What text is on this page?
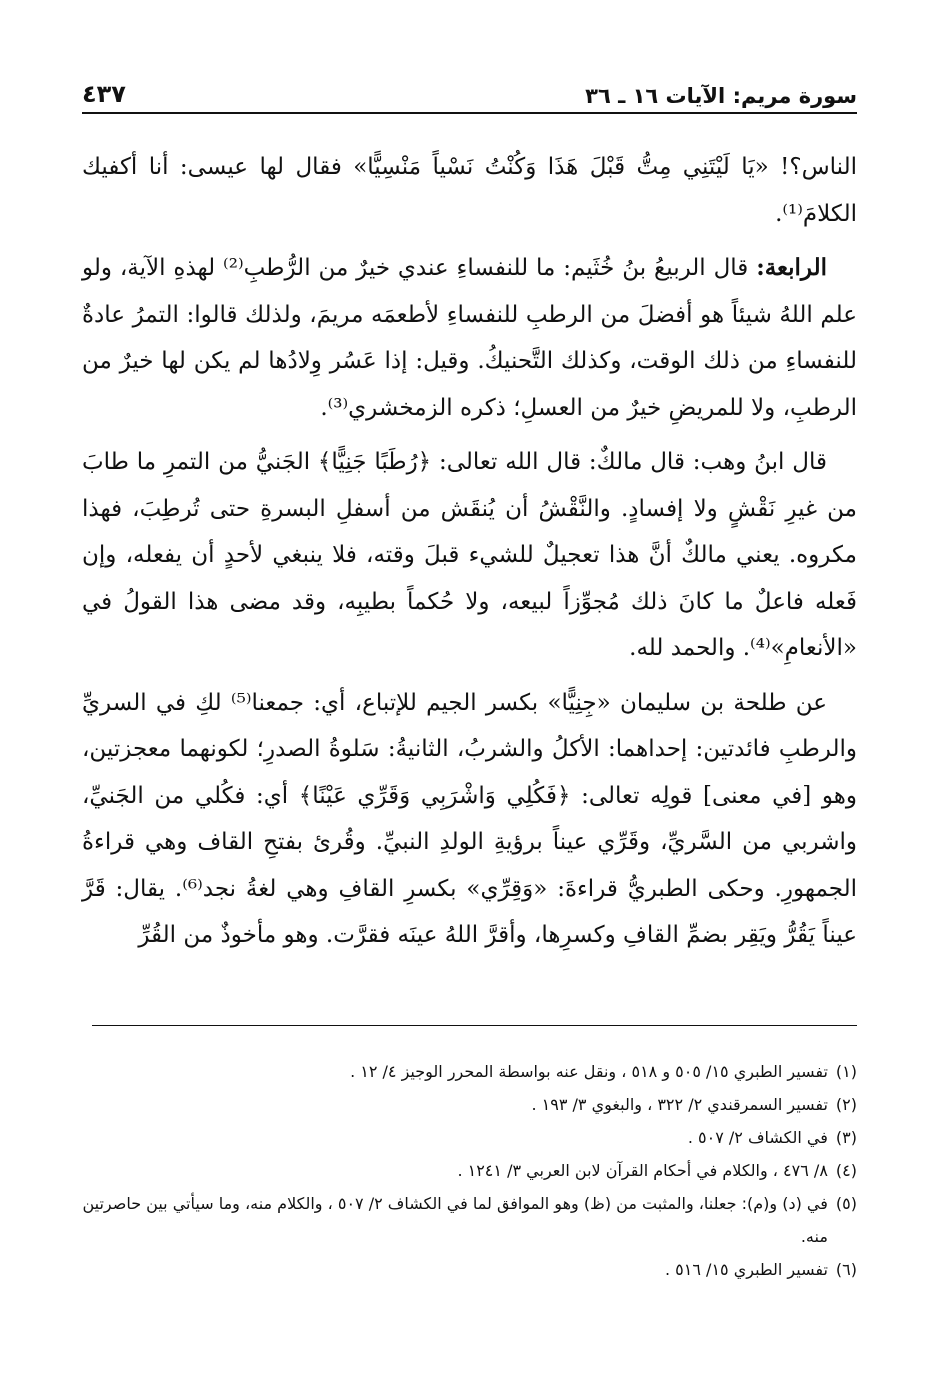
سورة مريم: الآيات ١٦ ـ ٣٦
٤٣٧

الناس؟! «يَا لَيْتَنِي مِتُّ قَبْلَ هَذَا وَكُنْتُ نَسْياً مَنْسِيًّا» فقال لها عيسى: أنا أكفيك الكلامَ⁽¹⁾.

الرابعة: قال الربيعُ بنُ خُثَيم: ما للنفساءِ عندي خيرٌ من الرُّطبِ⁽²⁾ لهذهِ الآية، ولو علم اللهُ شيئاً هو أفضلَ من الرطبِ للنفساءِ لأطعمَه مريمَ، ولذلك قالوا: التمرُ عادةٌ للنفساءِ من ذلك الوقت، وكذلك التَّحنيكُ. وقيل: إذا عَسُر وِلادُها لم يكن لها خيرٌ من الرطبِ، ولا للمريضِ خيرٌ من العسلِ؛ ذكره الزمخشري⁽³⁾.

قال ابنُ وهب: قال مالكٌ: قال الله تعالى: ﴿رُطَبًا جَنِيًّا﴾ الجَنيُّ من التمرِ ما طابَ من غيرِ نَقْشٍ ولا إفسادٍ. والنَّقْشُ أن يُنقَش من أسفلِ البسرةِ حتى تُرطِبَ، فهذا مكروه. يعني مالكٌ أنَّ هذا تعجيلٌ للشيء قبلَ وقته، فلا ينبغي لأحدٍ أن يفعله، وإن فَعله فاعلٌ ما كانَ ذلك مُجوِّزاً لبيعه، ولا حُكماً بطيبِه، وقد مضى هذا القولُ في «الأنعامِ»⁽⁴⁾. والحمد لله.

عن طلحة بن سليمان «جِنِيًّا» بكسر الجيم للإتباع، أي: جمعنا⁽⁵⁾ لكِ في السريِّ والرطبِ فائدتين: إحداهما: الأكلُ والشربُ، الثانيةُ: سَلوةُ الصدرِ؛ لكونهما معجزتين، وهو [في معنى] قولِه تعالى: ﴿فَكُلِي وَاشْرَبِي وَقَرِّي عَيْنًا﴾ أي: فكُلي من الجَنيِّ، واشربي من السَّريِّ، وقَرِّي عيناً برؤيةِ الولدِ النبيِّ. وقُرئ بفتحِ القاف وهي قراءةُ الجمهورِ. وحكى الطبريُّ قراءةَ: «وَقِرِّي» بكسرِ القافِ وهي لغةُ نجد⁽⁶⁾. يقال: قَرَّ عيناً يَقُرُّ ويَقِر بضمِّ القافِ وكسرِها، وأقرَّ اللهُ عينَه فقرَّت. وهو مأخوذٌ من القُرِّ

(١)
تفسير الطبري ١٥/ ٥٠٥ و ٥١٨ ، ونقل عنه بواسطة المحرر الوجيز ٤/ ١٢ .
(٢)
تفسير السمرقندي ٢/ ٣٢٢ ، والبغوي ٣/ ١٩٣ .
(٣)
في الكشاف ٢/ ٥٠٧ .
(٤)
٨/ ٤٧٦ ، والكلام في أحكام القرآن لابن العربي ٣/ ١٢٤١ .
(٥)
في (د) و(م): جعلنا، والمثبت من (ظ) وهو الموافق لما في الكشاف ٢/ ٥٠٧ ، والكلام منه، وما سيأتي بين حاصرتين منه.
(٦)
تفسير الطبري ١٥/ ٥١٦ .
